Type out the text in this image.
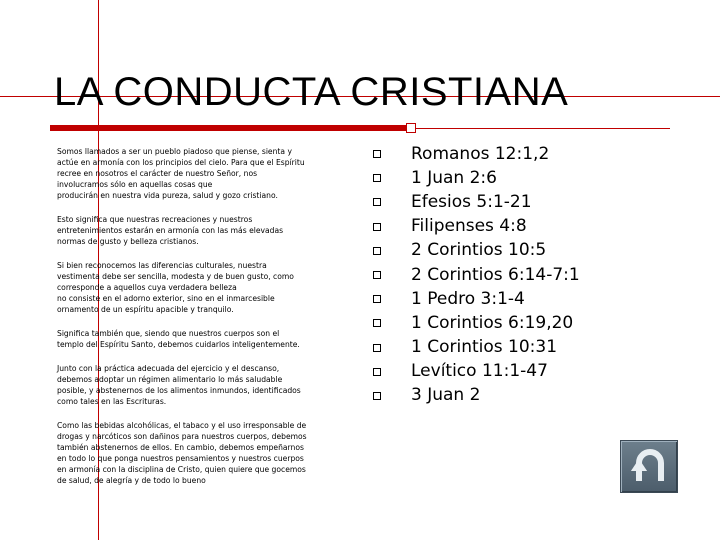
LA CONDUCTA CRISTIANA

Somos llamados a ser un pueblo piadoso que piense, sienta y
actúe en armonía con los principios del cielo. Para que el Espíritu
recree en nosotros el carácter de nuestro Señor, nos
involucramos sólo en aquellas cosas que
producirán en nuestra vida pureza, salud y gozo cristiano.

Esto significa que nuestras recreaciones y nuestros
entretenimientos estarán en armonía con las más elevadas
normas de gusto y belleza cristianos.

Si bien reconocemos las diferencias culturales, nuestra
vestimenta debe ser sencilla, modesta y de buen gusto, como
corresponde a aquellos cuya verdadera belleza
no consiste en el adorno exterior, sino en el inmarcesible
ornamento de un espíritu apacible y tranquilo.

Significa también que, siendo que nuestros cuerpos son el
templo del Espíritu Santo, debemos cuidarlos inteligentemente.

Junto con la práctica adecuada del ejercicio y el descanso,
debemos adoptar un régimen alimentario lo más saludable
posible, y abstenernos de los alimentos inmundos, identificados
como tales en las Escrituras.

Como las bebidas alcohólicas, el tabaco y el uso irresponsable de
drogas y narcóticos son dañinos para nuestros cuerpos, debemos
también abstenernos de ellos. En cambio, debemos empeñarnos
en todo lo que ponga nuestros pensamientos y nuestros cuerpos
en armonía con la disciplina de Cristo, quien quiere que gocemos
de salud, de alegría y de todo lo bueno

Romanos 12:1,2
1 Juan 2:6
Efesios 5:1-21
Filipenses 4:8
2 Corintios 10:5
2 Corintios 6:14-7:1
1 Pedro 3:1-4
1 Corintios 6:19,20
1 Corintios 10:31
Levítico 11:1-47
3 Juan 2
